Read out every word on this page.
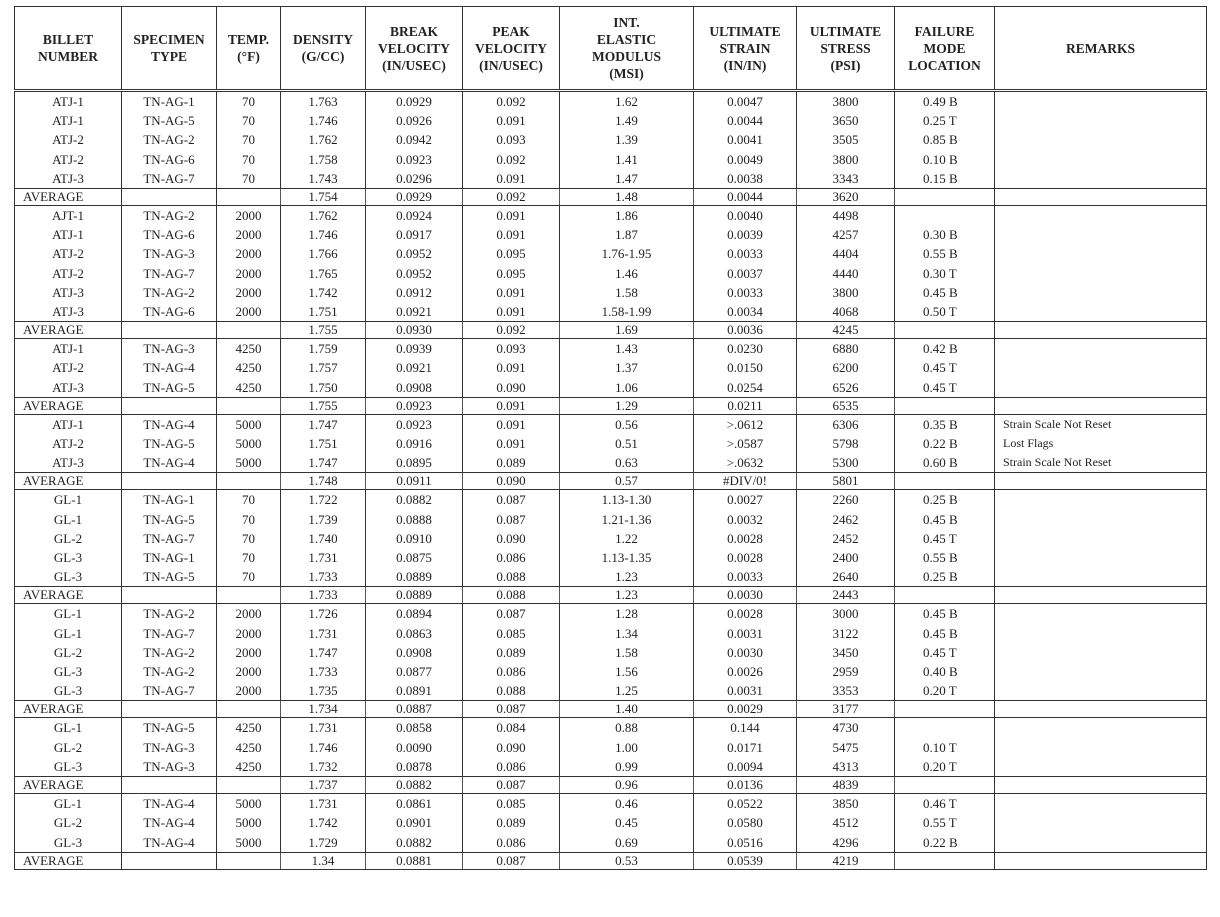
BILLET NUMBER	SPECIMEN TYPE	TEMP. (°F)	DENSITY (G/CC)	BREAK VELOCITY (IN/USEC)	PEAK VELOCITY (IN/USEC)	INT. ELASTIC MODULUS (MSI)	ULTIMATE STRAIN (IN/IN)	ULTIMATE STRESS (PSI)	FAILURE MODE LOCATION	REMARKS
ATJ-1	TN-AG-1	70	1.763	0.0929	0.092	1.62	0.0047	3800	0.49 B	
ATJ-1	TN-AG-5	70	1.746	0.0926	0.091	1.49	0.0044	3650	0.25 T	
ATJ-2	TN-AG-2	70	1.762	0.0942	0.093	1.39	0.0041	3505	0.85 B	
ATJ-2	TN-AG-6	70	1.758	0.0923	0.092	1.41	0.0049	3800	0.10 B	
ATJ-3	TN-AG-7	70	1.743	0.0296	0.091	1.47	0.0038	3343	0.15 B	
AVERAGE			1.754	0.0929	0.092	1.48	0.0044	3620		
AJT-1	TN-AG-2	2000	1.762	0.0924	0.091	1.86	0.0040	4498		
ATJ-1	TN-AG-6	2000	1.746	0.0917	0.091	1.87	0.0039	4257	0.30 B	
ATJ-2	TN-AG-3	2000	1.766	0.0952	0.095	1.76-1.95	0.0033	4404	0.55 B	
ATJ-2	TN-AG-7	2000	1.765	0.0952	0.095	1.46	0.0037	4440	0.30 T	
ATJ-3	TN-AG-2	2000	1.742	0.0912	0.091	1.58	0.0033	3800	0.45 B	
ATJ-3	TN-AG-6	2000	1.751	0.0921	0.091	1.58-1.99	0.0034	4068	0.50 T	
AVERAGE			1.755	0.0930	0.092	1.69	0.0036	4245		
ATJ-1	TN-AG-3	4250	1.759	0.0939	0.093	1.43	0.0230	6880	0.42 B	
ATJ-2	TN-AG-4	4250	1.757	0.0921	0.091	1.37	0.0150	6200	0.45 T	
ATJ-3	TN-AG-5	4250	1.750	0.0908	0.090	1.06	0.0254	6526	0.45 T	
AVERAGE			1.755	0.0923	0.091	1.29	0.0211	6535		
ATJ-1	TN-AG-4	5000	1.747	0.0923	0.091	0.56	>.0612	6306	0.35 B	Strain Scale Not Reset
ATJ-2	TN-AG-5	5000	1.751	0.0916	0.091	0.51	>.0587	5798	0.22 B	Lost Flags
ATJ-3	TN-AG-4	5000	1.747	0.0895	0.089	0.63	>.0632	5300	0.60 B	Strain Scale Not Reset
AVERAGE			1.748	0.0911	0.090	0.57	#DIV/0!	5801		
GL-1	TN-AG-1	70	1.722	0.0882	0.087	1.13-1.30	0.0027	2260	0.25 B	
GL-1	TN-AG-5	70	1.739	0.0888	0.087	1.21-1.36	0.0032	2462	0.45 B	
GL-2	TN-AG-7	70	1.740	0.0910	0.090	1.22	0.0028	2452	0.45 T	
GL-3	TN-AG-1	70	1.731	0.0875	0.086	1.13-1.35	0.0028	2400	0.55 B	
GL-3	TN-AG-5	70	1.733	0.0889	0.088	1.23	0.0033	2640	0.25 B	
AVERAGE			1.733	0.0889	0.088	1.23	0.0030	2443		
GL-1	TN-AG-2	2000	1.726	0.0894	0.087	1.28	0.0028	3000	0.45 B	
GL-1	TN-AG-7	2000	1.731	0.0863	0.085	1.34	0.0031	3122	0.45 B	
GL-2	TN-AG-2	2000	1.747	0.0908	0.089	1.58	0.0030	3450	0.45 T	
GL-3	TN-AG-2	2000	1.733	0.0877	0.086	1.56	0.0026	2959	0.40 B	
GL-3	TN-AG-7	2000	1.735	0.0891	0.088	1.25	0.0031	3353	0.20 T	
AVERAGE			1.734	0.0887	0.087	1.40	0.0029	3177		
GL-1	TN-AG-5	4250	1.731	0.0858	0.084	0.88	0.144	4730		
GL-2	TN-AG-3	4250	1.746	0.0090	0.090	1.00	0.0171	5475	0.10 T	
GL-3	TN-AG-3	4250	1.732	0.0878	0.086	0.99	0.0094	4313	0.20 T	
AVERAGE			1.737	0.0882	0.087	0.96	0.0136	4839		
GL-1	TN-AG-4	5000	1.731	0.0861	0.085	0.46	0.0522	3850	0.46 T	
GL-2	TN-AG-4	5000	1.742	0.0901	0.089	0.45	0.0580	4512	0.55 T	
GL-3	TN-AG-4	5000	1.729	0.0882	0.086	0.69	0.0516	4296	0.22 B	
AVERAGE			1.34	0.0881	0.087	0.53	0.0539	4219		
